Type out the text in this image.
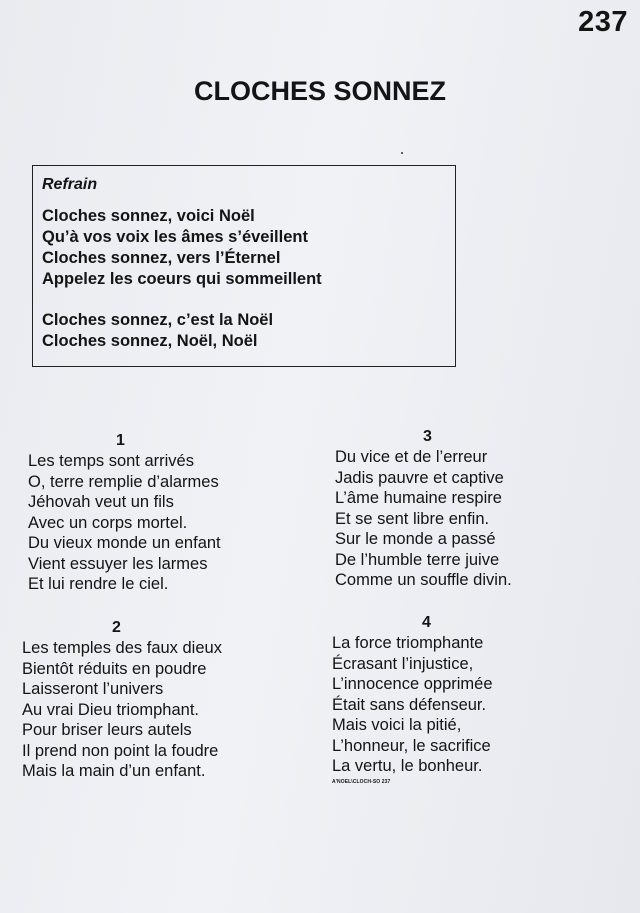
237
CLOCHES SONNEZ
Refrain
Cloches sonnez, voici Noël
Qu’à vos voix les âmes s’éveillent
Cloches sonnez, vers l’Éternel
Appelez les coeurs qui sommeillent
Cloches sonnez, c’est la Noël
Cloches sonnez, Noël, Noël
1
Les temps sont arrivés
O, terre remplie d’alarmes
Jéhovah veut un fils
Avec un corps mortel.
Du vieux monde un enfant
Vient essuyer les larmes
Et lui rendre le ciel.
2
Les temples des faux dieux
Bientôt réduits en poudre
Laisseront l’univers
Au vrai Dieu triomphant.
Pour briser leurs autels
Il prend non point la foudre
Mais la main d’un enfant.
3
Du vice et de l’erreur
Jadis pauvre et captive
L’âme humaine respire
Et se sent libre enfin.
Sur le monde a passé
De l’humble terre juive
Comme un souffle divin.
4
La force triomphante
Écrasant l’injustice,
L’innocence opprimée
Était sans défenseur.
Mais voici la pitié,
L’honneur, le sacrifice
La vertu, le bonheur.
A'NOEL\CLOCH-SO 237
